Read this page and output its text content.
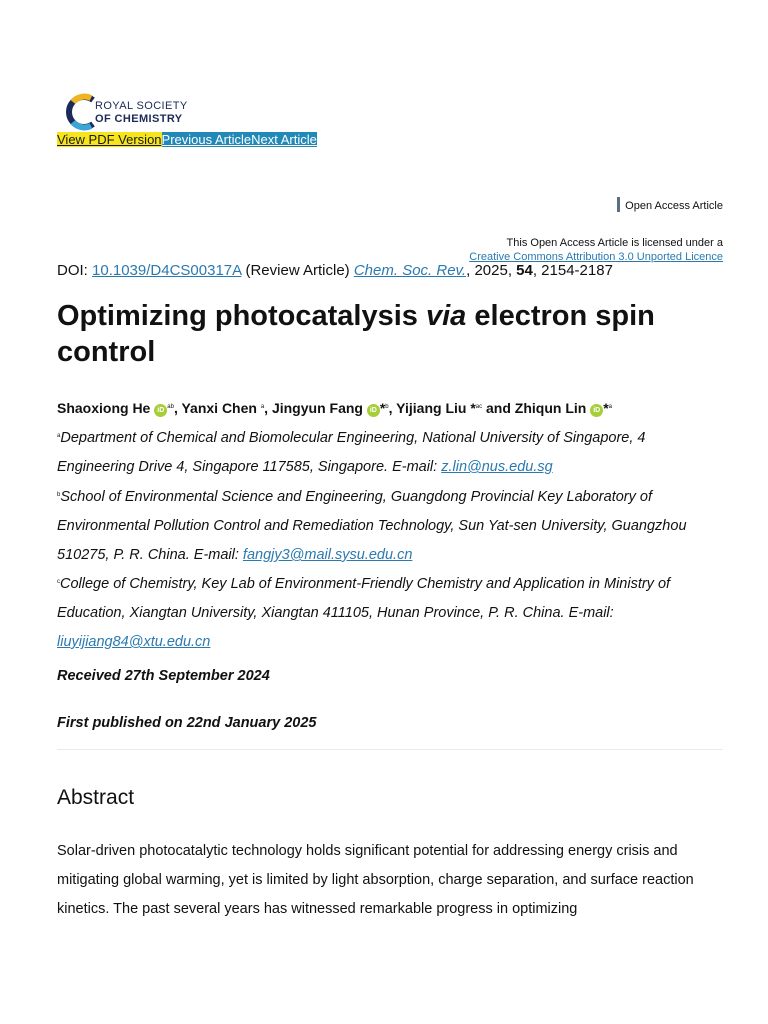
ROYAL SOCIETY
OF CHEMISTRY
View PDF VersionPrevious ArticleNext Article
Open Access Article
This Open Access Article is licensed under a
Creative Commons Attribution 3.0 Unported Licence
DOI: 10.1039/D4CS00317A (Review Article) Chem. Soc. Rev., 2025, 54, 2154-2187
Optimizing photocatalysis via electron spin control
Shaoxiong He iD $^{ab}$, Yanxi Chen $^a$, Jingyun Fang iD *$^b$, Yijiang Liu *$^{ac}$ and Zhiqun Lin iD *$^a$
$^a$Department of Chemical and Biomolecular Engineering, National University of Singapore, 4 Engineering Drive 4, Singapore 117585, Singapore. E-mail: z.lin@nus.edu.sg
$^b$School of Environmental Science and Engineering, Guangdong Provincial Key Laboratory of Environmental Pollution Control and Remediation Technology, Sun Yat-sen University, Guangzhou 510275, P. R. China. E-mail: fangjy3@mail.sysu.edu.cn
$^c$College of Chemistry, Key Lab of Environment-Friendly Chemistry and Application in Ministry of Education, Xiangtan University, Xiangtan 411105, Hunan Province, P. R. China. E-mail: liuyijiang84@xtu.edu.cn
Received 27th September 2024
First published on 22nd January 2025
Abstract

Solar-driven photocatalytic technology holds significant potential for addressing energy crisis and mitigating global warming, yet is limited by light absorption, charge separation, and surface reaction kinetics. The past several years has witnessed remarkable progress in optimizing
